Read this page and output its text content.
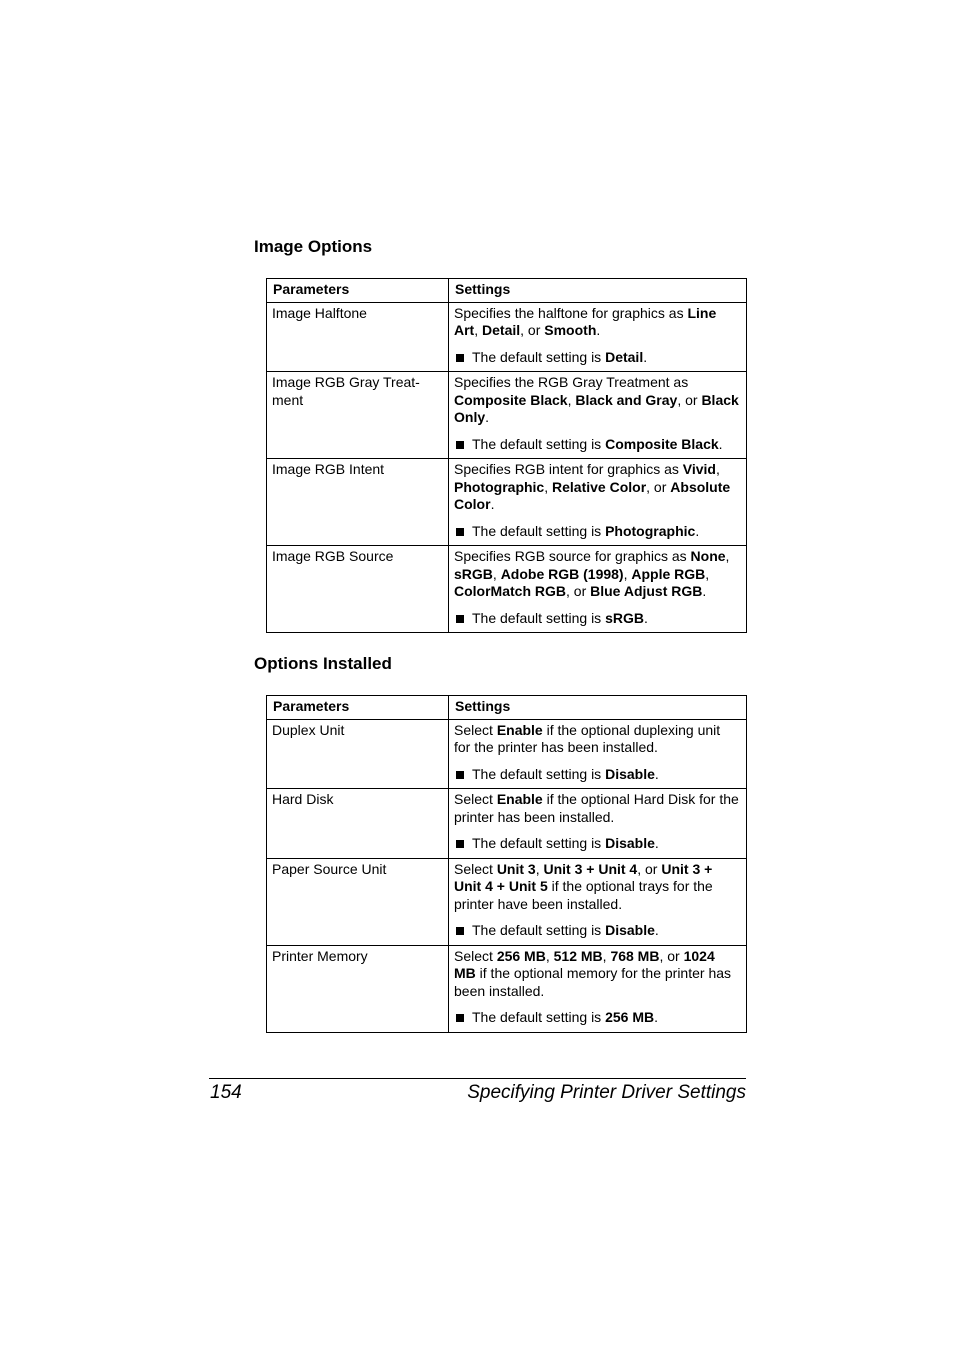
Image Options
Parameters	Settings
Image Halftone	Specifies the halftone for graphics as Line Art, Detail, or Smooth.

The default setting is Detail.

Image RGB Gray Treat-ment	Specifies the RGB Gray Treatment as Composite Black, Black and Gray, or Black Only.

The default setting is Composite Black.

Image RGB Intent	Specifies RGB intent for graphics as Vivid, Photographic, Relative Color, or Absolute Color.

The default setting is Photographic.

Image RGB Source	Specifies RGB source for graphics as None, sRGB, Adobe RGB (1998), Apple RGB, ColorMatch RGB, or Blue Adjust RGB.

The default setting is sRGB.

Options Installed
Parameters	Settings
Duplex Unit	Select Enable if the optional duplexing unit for the printer has been installed.

The default setting is Disable.

Hard Disk	Select Enable if the optional Hard Disk for the printer has been installed.

The default setting is Disable.

Paper Source Unit	Select Unit 3, Unit 3 + Unit 4, or Unit 3 + Unit 4 + Unit 5 if the optional trays for the printer have been installed.

The default setting is Disable.

Printer Memory	Select 256 MB, 512 MB, 768 MB, or 1024 MB if the optional memory for the printer has been installed.

The default setting is 256 MB.

154	Specifying Printer Driver Settings
